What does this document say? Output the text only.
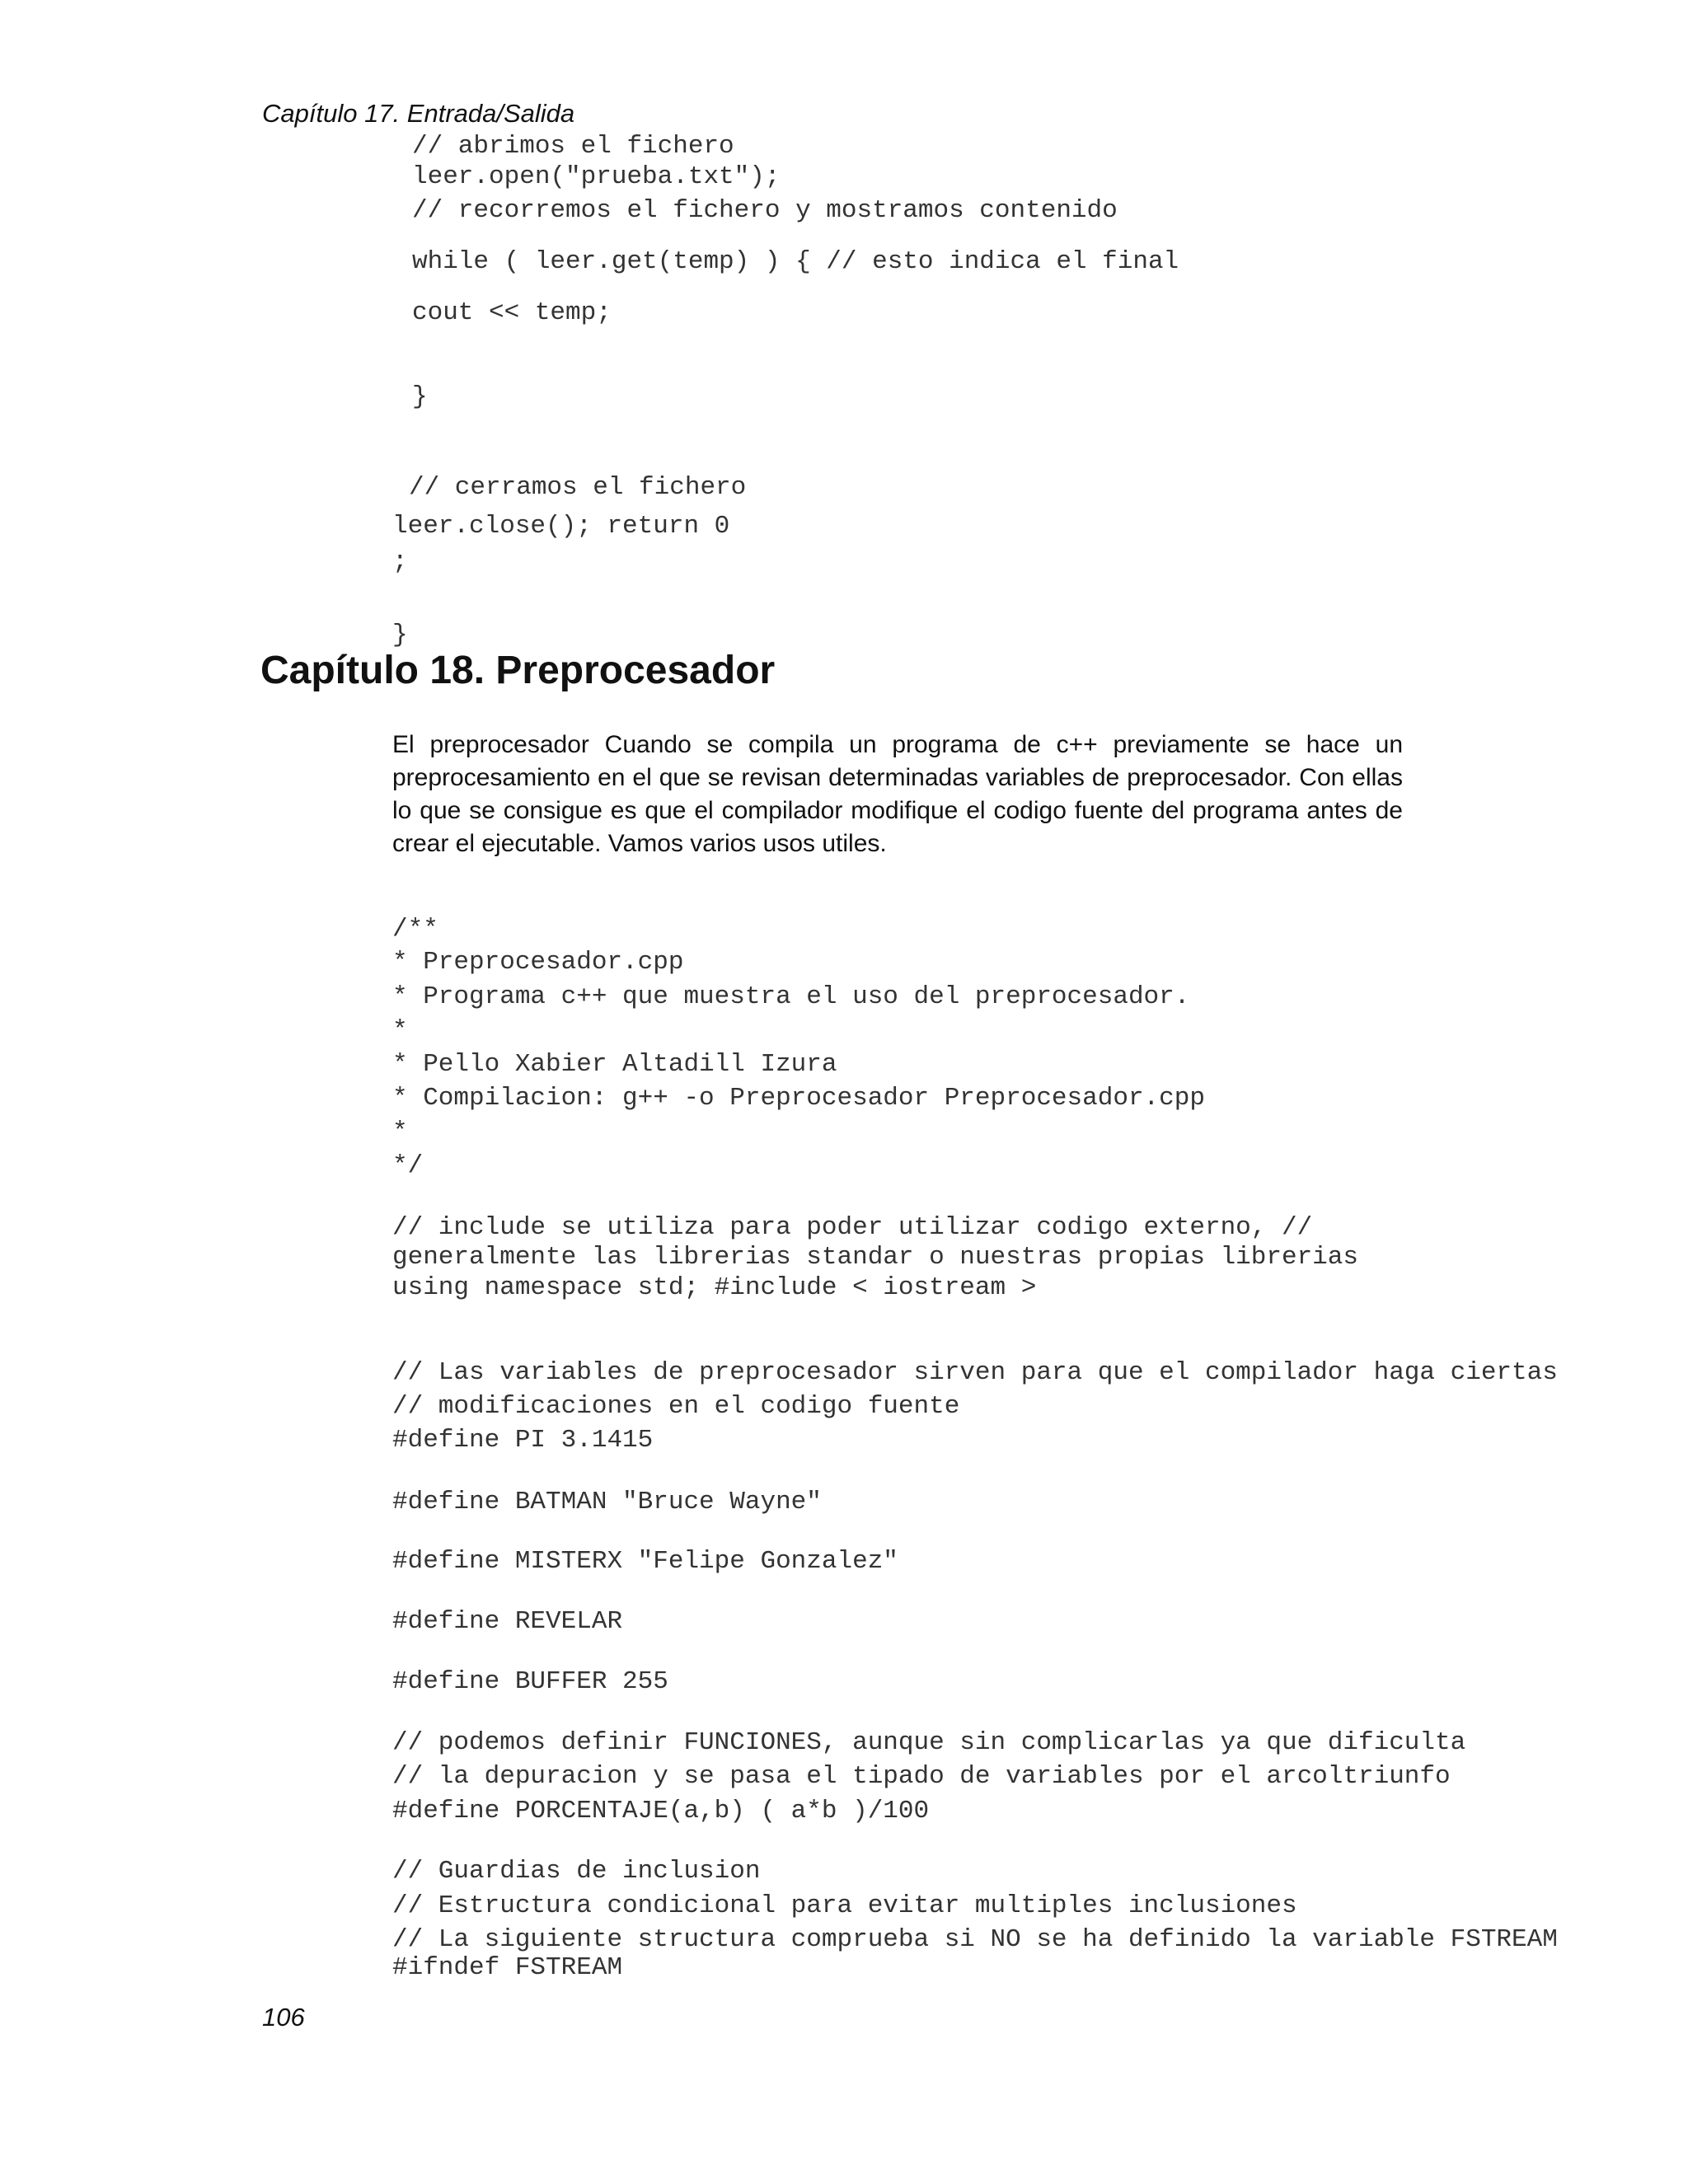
Capítulo 17. Entrada/Salida
// abrimos el fichero
leer.open("prueba.txt");
// recorremos el fichero y mostramos contenido
while ( leer.get(temp) ) { // esto indica el final
cout << temp;
}
// cerramos el fichero
leer.close(); return 0
;
}
Capítulo 18. Preprocesador

El preprocesador Cuando se compila un programa de c++ previamente se hace un preprocesamiento en el que se revisan determinadas variables de preprocesador. Con ellas lo que se consigue es que el compilador modifique el codigo fuente del programa antes de crear el ejecutable. Vamos varios usos utiles.

/**
* Preprocesador.cpp
* Programa c++ que muestra el uso del preprocesador.
*
* Pello Xabier Altadill Izura
* Compilacion: g++ -o Preprocesador Preprocesador.cpp
*
*/
// include se utiliza para poder utilizar codigo externo, //
generalmente las librerias standar o nuestras propias librerias
using namespace std; #include < iostream >
// Las variables de preprocesador sirven para que el compilador haga ciertas
// modificaciones en el codigo fuente
#define PI 3.1415
#define BATMAN "Bruce Wayne"
#define MISTERX "Felipe Gonzalez"
#define REVELAR
#define BUFFER 255
// podemos definir FUNCIONES, aunque sin complicarlas ya que dificulta
// la depuracion y se pasa el tipado de variables por el arcoltriunfo
#define PORCENTAJE(a,b) ( a*b )/100
// Guardias de inclusion
// Estructura condicional para evitar multiples inclusiones
// La siguiente structura comprueba si NO se ha definido la variable FSTREAM
#ifndef FSTREAM
106
